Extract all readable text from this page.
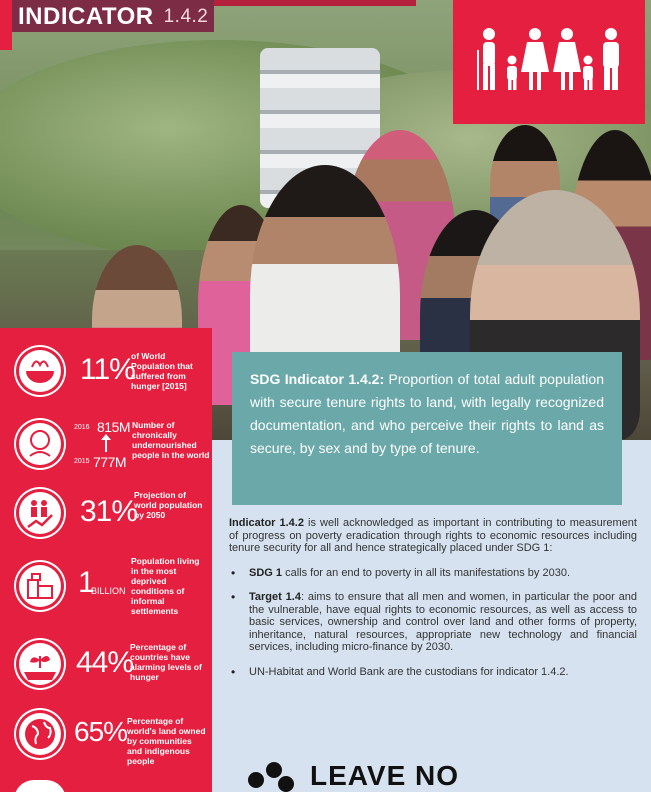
INDICATOR 1.4.2
11%
of World Population that suffered from hunger [2015]
2016 815M
2015 777M
Number of chronically undernourished people in the world
31%
Projection of world population by 2050
1
BILLION
Population living in the most deprived conditions of informal settlements
44%
Percentage of countries have alarming levels of hunger
65% Percentage of world's land owned by communities and indigenous people
SDG Indicator 1.4.2: Proportion of total adult population with secure tenure rights to land, with legally recognized documentation, and who perceive their rights to land as secure, by sex and by type of tenure.

Indicator 1.4.2 is well acknowledged as important in contributing to measurement of progress on poverty eradication through rights to economic resources including tenure security for all and hence strategically placed under SDG 1:

• SDG 1 calls for an end to poverty in all its manifestations by 2030.
• Target 1.4: aims to ensure that all men and women, in particular the poor and the vulnerable, have equal rights to economic resources, as well as access to basic services, ownership and control over land and other forms of property, inheritance, natural resources, appropriate new technology and financial services, including micro-finance by 2030.
• UN-Habitat and World Bank are the custodians for indicator 1.4.2.
LEAVE NO
